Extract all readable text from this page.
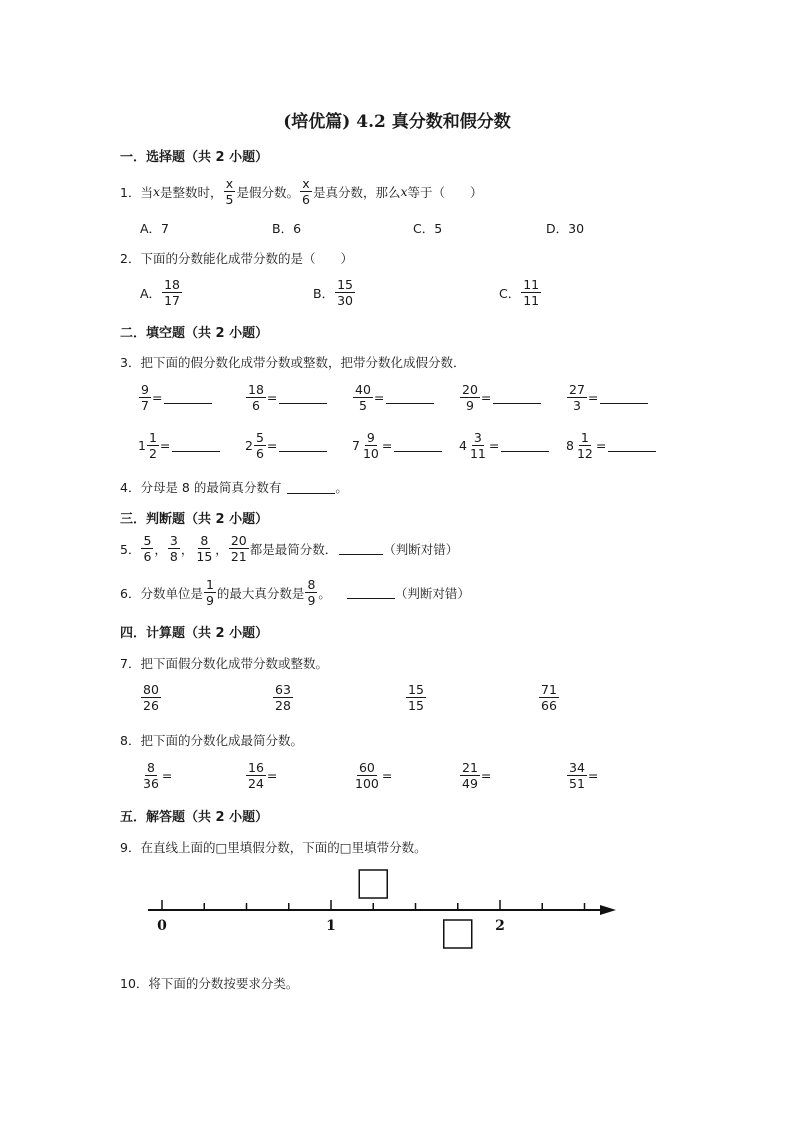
(培优篇) 4.2 真分数和假分数
一．选择题（共 2 小题）
1．当 x 是整数时， $\frac{x}{5}$ 是假分数。 $\frac{x}{6}$ 是真分数，那么 x 等于（　　）
A．7	B．6	C．5	D．30
2．下面的分数能化成带分数的是（　　）
A． $\frac{18}{17}$	B． $\frac{15}{30}$	C． $\frac{11}{11}$
二．填空题（共 2 小题）
3．把下面的假分数化成带分数或整数，把带分数化成假分数．
$\frac{9}{7}$ =	$\frac{18}{6}$ =	$\frac{40}{5}$ =	$\frac{20}{9}$ =	$\frac{27}{3}$ =
$1 \frac{1}{2}$ =	$2 \frac{5}{6}$ =	$7 \frac{9}{10}$ =	$4 \frac{3}{11}$ =	$8 \frac{1}{12}$ =
4．分母是 8 的最简真分数有	。
三．判断题（共 2 小题）
5． $\frac{5}{6}$ ， $\frac{3}{8}$ ， $\frac{8}{15}$ ， $\frac{20}{21}$ 都是最简分数．	（判断对错）
6．分数单位是 $\frac{1}{9}$ 的最大真分数是 $\frac{8}{9}$ 。	（判断对错）
四．计算题（共 2 小题）
7．把下面假分数化成带分数或整数。
$\frac{80}{26}$	$\frac{63}{28}$	$\frac{15}{15}$	$\frac{71}{66}$
8．把下面的分数化成最简分数。
$\frac{8}{36}$ =	$\frac{16}{24}$ =	$\frac{60}{100}$ =	$\frac{21}{49}$ =	$\frac{34}{51}$ =
五．解答题（共 2 小题）
9．在直线上面的□里填假分数，下面的□里填带分数。
0	1	2
10．将下面的分数按要求分类。
